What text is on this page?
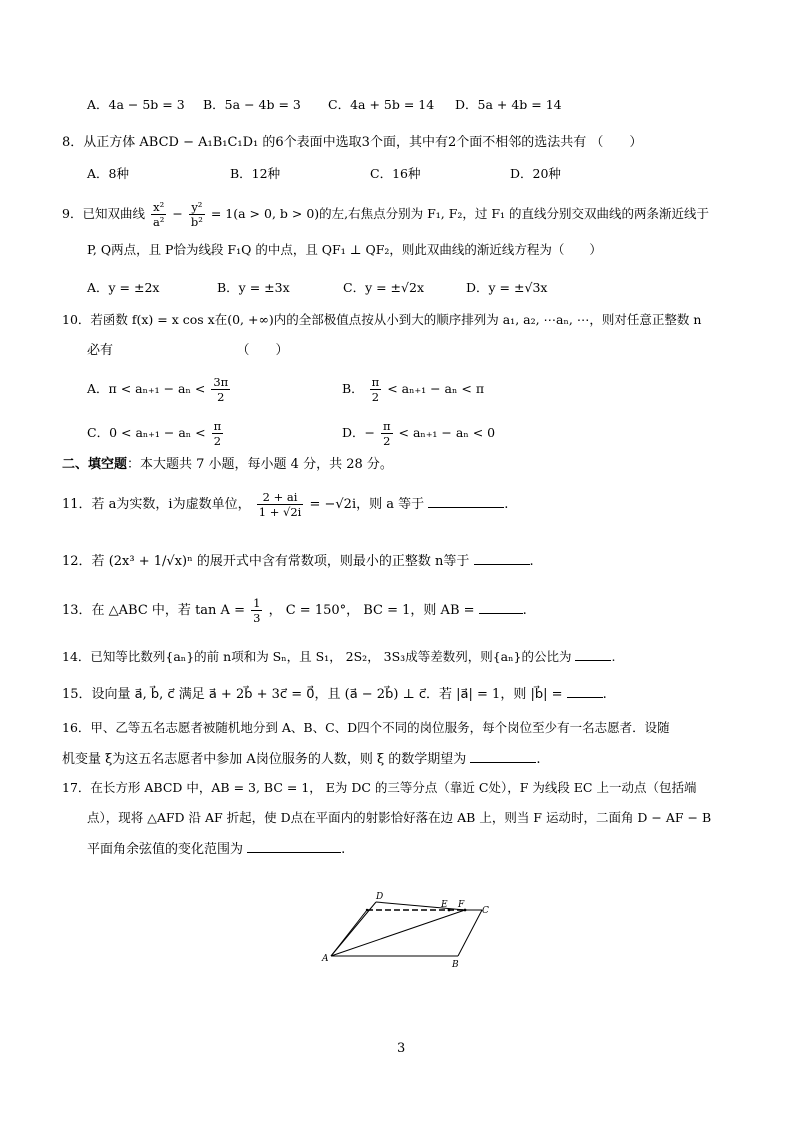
A．4a − 5b = 3 B．5a − 4b = 3 C．4a + 5b = 14 D．5a + 4b = 14
8．从正方体 ABCD − A₁B₁C₁D₁ 的6个表面中选取3个面，其中有2个面不相邻的选法共有 （　　）
A．8种	B．12种	C．16种	D．20种
9．已知双曲线 $\frac{\text{x²}}{\text{a²}} - \frac{\text{y²}}{\text{b²}} = 1(a > 0$, b > 0)的左,右焦点分别为 F₁, F₂，过 F₁ 的直线分别交双曲线的两条渐近线于
P, Q两点，且 P恰为线段 F₁Q 的中点，且 QF₁ ⊥ QF₂，则此双曲线的渐近线方程为（　　）
A．y = ±2x	B．y = ±3x	C．y = ±√2x	D．y = ±√3x
10．若函数 f(x) = x cos x在(0, +∞)内的全部极值点按从小到大的顺序排列为 a₁, a₂, ⋯aₙ, ⋯，则对任意正整数 n
必有　　　　　　　　　　（　　）
A．$\pi < a_{n+1} - a_n < \frac{3\pi}{2}$	B． $\frac{\pi}{2} < a_{n+1} - a_n < \pi$
C．$0 < a_{n+1} - a_n < \frac{\pi}{2}$	D．− $\frac{\pi}{2} < a_{n+1} - a_n < 0$
二、填空题：本大题共 7 小题，每小题 4 分，共 28 分。
11．若 a为实数，i为虚数单位， $\frac{2 + ai}{1 + √2i} = -√2i$，则 a 等于	.
12．若 (2x³ + 1/√x)ⁿ 的展开式中含有常数项，则最小的正整数 n等于	.
13．在 △ABC 中，若 $\tan A = \frac{1}{3}$ ， C = 150°， BC = 1，则 AB =	.
14．已知等比数列{aₙ}的前 n项和为 Sₙ，且 S₁， 2S₂， 3S₃成等差数列，则{aₙ}的公比为	.
15．设向量 a⃗, b⃗, c⃗ 满足 a⃗ + 2b⃗ + 3c⃗ = 0⃗，且 (a⃗ − 2b⃗) ⊥ c⃗．若 |a⃗| = 1，则 |b⃗| =	.
16．甲、乙等五名志愿者被随机地分到 A、B、C、D四个不同的岗位服务，每个岗位至少有一名志愿者．设随
机变量 ξ为这五名志愿者中参加 A岗位服务的人数，则 ξ 的数学期望为	.
17．在长方形 ABCD 中，AB = 3, BC = 1， E为 DC 的三等分点（靠近 C处），F 为线段 EC 上一动点（包括端
点），现将 △AFD 沿 AF 折起，使 D点在平面内的射影恰好落在边 AB 上，则当 F 运动时，二面角 D − AF − B
平面角余弦值的变化范围为	.
D
E F
C
A
B
3
